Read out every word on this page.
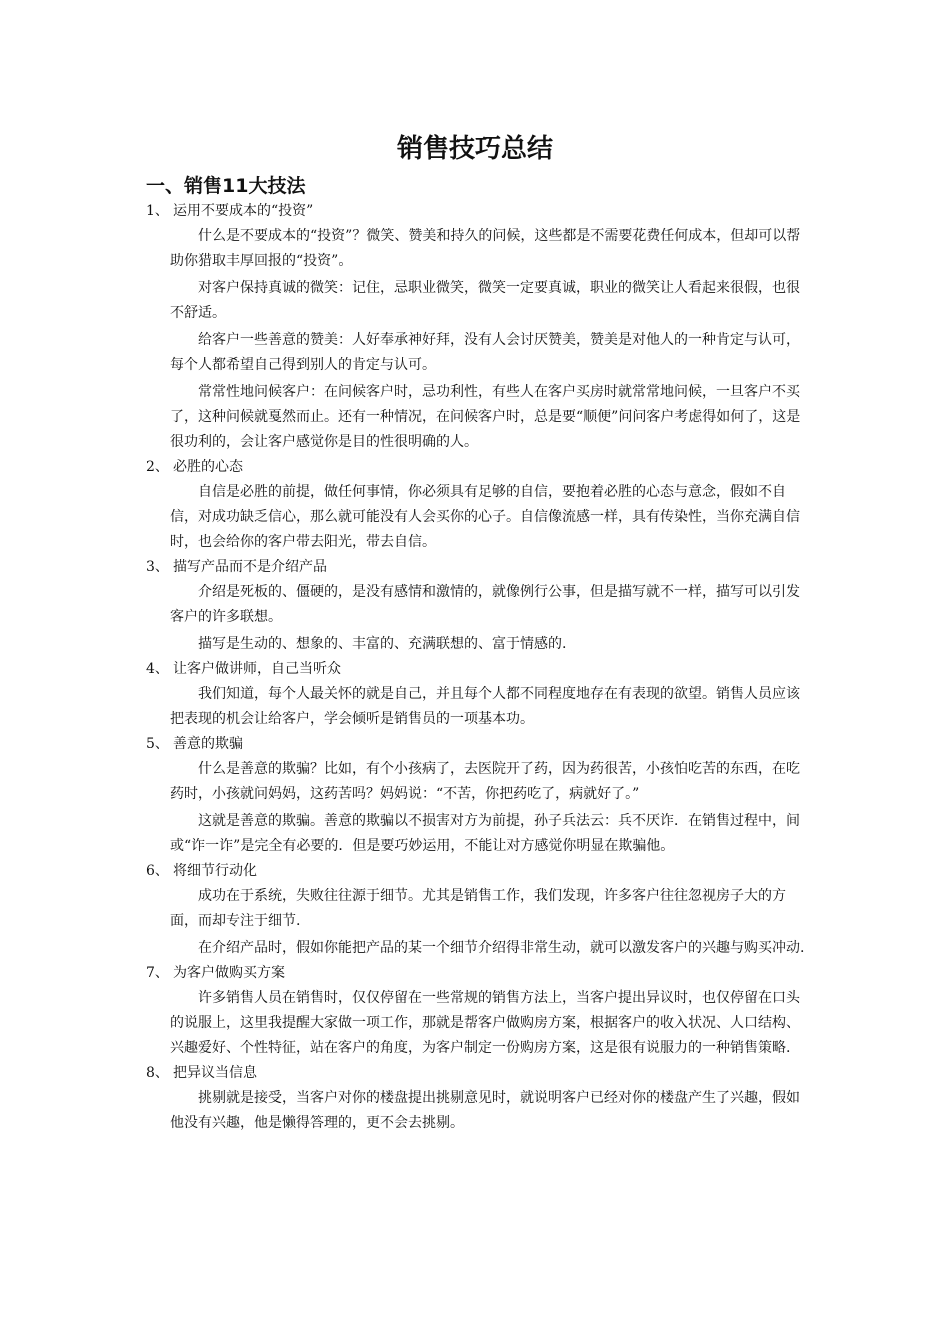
销售技巧总结
一、销售11大技法

1、 运用不要成本的“投资”

什么是不要成本的“投资”？微笑、赞美和持久的问候，这些都是不需要花费任何成本，但却可以帮助你猎取丰厚回报的“投资”。

对客户保持真诚的微笑：记住，忌职业微笑，微笑一定要真诚，职业的微笑让人看起来很假，也很不舒适。

给客户一些善意的赞美：人好奉承神好拜，没有人会讨厌赞美，赞美是对他人的一种肯定与认可，每个人都希望自己得到别人的肯定与认可。

常常性地问候客户：在问候客户时，忌功利性，有些人在客户买房时就常常地问候，一旦客户不买了，这种问候就戛然而止。还有一种情况，在问候客户时，总是要“顺便”问问客户考虑得如何了，这是很功利的，会让客户感觉你是目的性很明确的人。

2、 必胜的心态

自信是必胜的前提，做任何事情，你必须具有足够的自信，要抱着必胜的心态与意念，假如不自信，对成功缺乏信心，那么就可能没有人会买你的心子。自信像流感一样，具有传染性，当你充满自信时，也会给你的客户带去阳光，带去自信。

3、 描写产品而不是介绍产品

介绍是死板的、僵硬的，是没有感情和激情的，就像例行公事，但是描写就不一样，描写可以引发客户的许多联想。

描写是生动的、想象的、丰富的、充满联想的、富于情感的.

4、 让客户做讲师，自己当听众

我们知道，每个人最关怀的就是自己，并且每个人都不同程度地存在有表现的欲望。销售人员应该把表现的机会让给客户，学会倾听是销售员的一项基本功。

5、 善意的欺骗

什么是善意的欺骗？比如，有个小孩病了，去医院开了药，因为药很苦，小孩怕吃苦的东西，在吃药时，小孩就问妈妈，这药苦吗？妈妈说：“不苦，你把药吃了，病就好了。”

这就是善意的欺骗。善意的欺骗以不损害对方为前提，孙子兵法云：兵不厌诈．在销售过程中，间或“诈一诈”是完全有必要的．但是要巧妙运用，不能让对方感觉你明显在欺骗他。

6、 将细节行动化

成功在于系统，失败往往源于细节。尤其是销售工作，我们发现，许多客户往往忽视房子大的方面，而却专注于细节.

在介绍产品时，假如你能把产品的某一个细节介绍得非常生动，就可以激发客户的兴趣与购买冲动.

7、 为客户做购买方案

许多销售人员在销售时，仅仅停留在一些常规的销售方法上，当客户提出异议时，也仅停留在口头的说服上，这里我提醒大家做一项工作，那就是帮客户做购房方案，根据客户的收入状况、人口结构、兴趣爱好、个性特征，站在客户的角度，为客户制定一份购房方案，这是很有说服力的一种销售策略.

8、 把异议当信息

挑剔就是接受，当客户对你的楼盘提出挑剔意见时，就说明客户已经对你的楼盘产生了兴趣，假如他没有兴趣，他是懒得答理的，更不会去挑剔。
